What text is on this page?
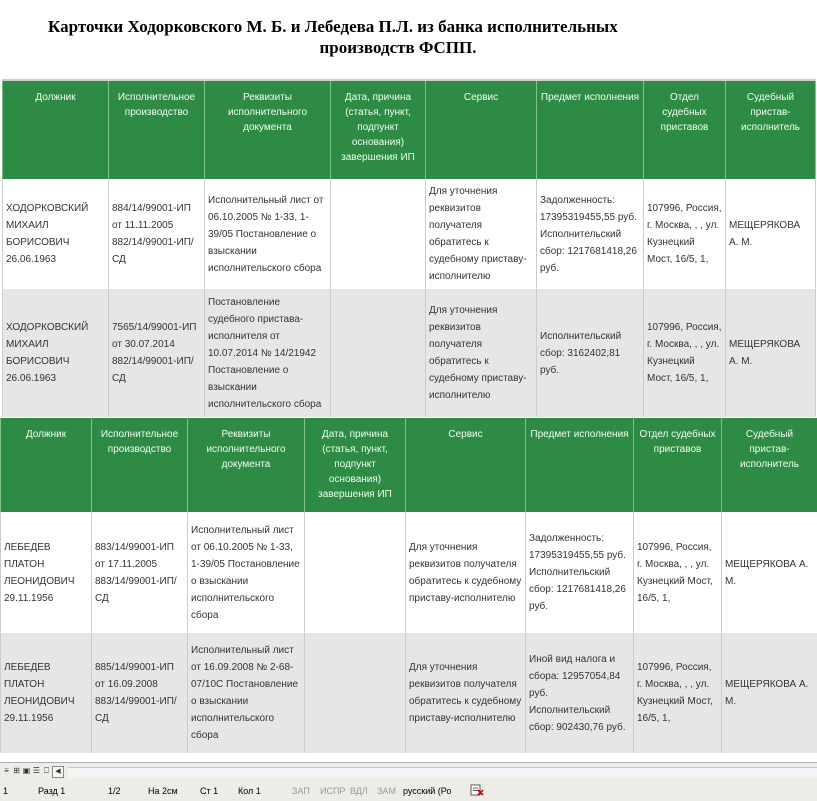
Карточки Ходорковского М. Б. и Лебедева П.Л. из банка исполнительных
производств ФСПП.
Должник	Исполнительное производство	Реквизиты исполнительного документа	Дата, причина (статья, пункт, подпункт основания) завершения ИП	Сервис	Предмет исполнения	Отдел судебных приставов	Судебный пристав-исполнитель
ХОДОРКОВСКИЙ МИХАИЛ БОРИСОВИЧ 26.06.1963	884/14/99001-ИП от 11.11.2005 882/14/99001-ИП/СД	Исполнительный лист от 06.10.2005 № 1-33, 1-39/05 Постановление о взыскании исполнительского сбора		Для уточнения реквизитов получателя обратитесь к судебному приставу-исполнителю	Задолженность: 17395319455,55 руб. Исполнительский сбор: 1217681418,26 руб.	107996, Россия, г. Москва, , , ул. Кузнецкий Мост, 16/5, 1,	МЕЩЕРЯКОВА А. М.
ХОДОРКОВСКИЙ МИХАИЛ БОРИСОВИЧ 26.06.1963	7565/14/99001-ИП от 30.07.2014 882/14/99001-ИП/СД	Постановление судебного пристава-исполнителя от 10.07.2014 № 14/21942 Постановление о взыскании исполнительского сбора		Для уточнения реквизитов получателя обратитесь к судебному приставу-исполнителю	Исполнительский сбор: 3162402,81 руб.	107996, Россия, г. Москва, , , ул. Кузнецкий Мост, 16/5, 1,	МЕЩЕРЯКОВА А. М.
Должник	Исполнительное производство	Реквизиты исполнительного документа	Дата, причина (статья, пункт, подпункт основания) завершения ИП	Сервис	Предмет исполнения	Отдел судебных приставов	Судебный пристав-исполнитель
ЛЕБЕДЕВ ПЛАТОН ЛЕОНИДОВИЧ 29.11.1956	883/14/99001-ИП от 17.11.2005 883/14/99001-ИП/СД	Исполнительный лист от 06.10.2005 № 1-33, 1-39/05 Постановление о взыскании исполнительского сбора		Для уточнения реквизитов получателя обратитесь к судебному приставу-исполнителю	Задолженность: 17395319455,55 руб. Исполнительский сбор: 1217681418,26 руб.	107996, Россия, г. Москва, , , ул. Кузнецкий Мост, 16/5, 1,	МЕЩЕРЯКОВА А. М.
ЛЕБЕДЕВ ПЛАТОН ЛЕОНИДОВИЧ 29.11.1956	885/14/99001-ИП от 16.09.2008 883/14/99001-ИП/СД	Исполнительный лист от 16.09.2008 № 2-68-07/10С Постановление о взыскании исполнительского сбора		Для уточнения реквизитов получателя обратитесь к судебному приставу-исполнителю	Иной вид налога и сбора: 12957054,84 руб. Исполнительский сбор: 902430,76 руб.	107996, Россия, г. Москва, , , ул. Кузнецкий Мост, 16/5, 1,	МЕЩЕРЯКОВА А. М.
≡ ⊞ ▣ ☰ ⎕ ◀
1	Разд 1	1/2	На 2см Ст 1 Кол 1	ЗАП ИСПР ВДЛ ЗАМ русский (Ро
